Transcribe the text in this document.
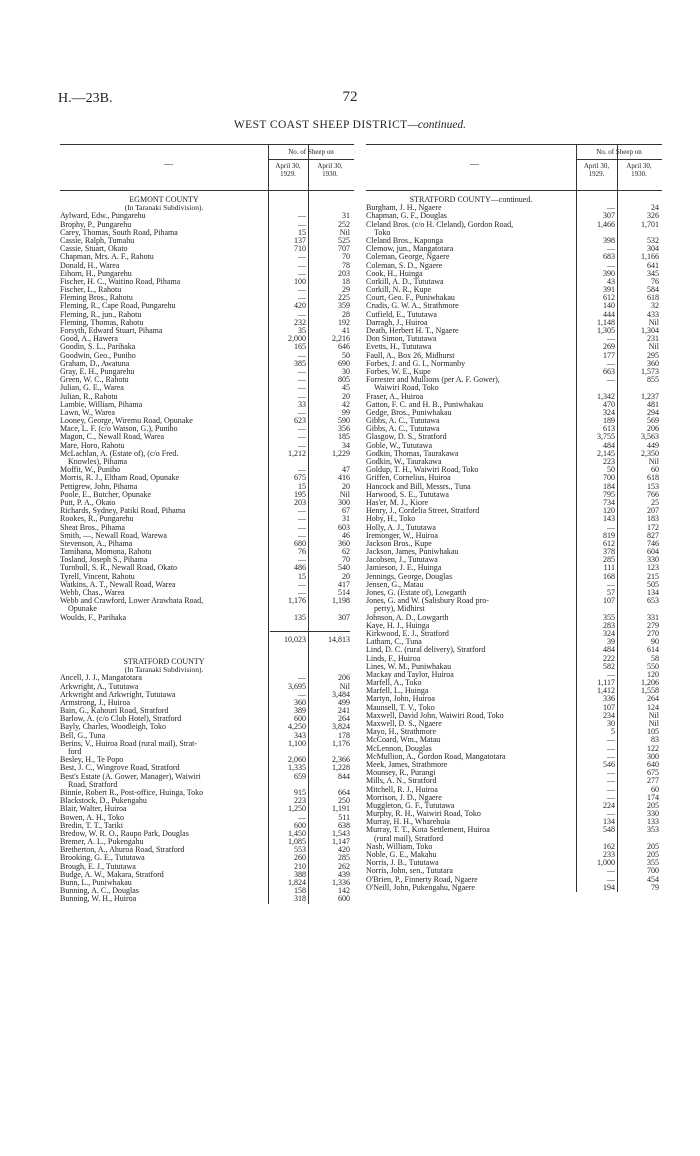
H.—23B.	72
WEST COAST SHEEP DISTRICT—continued.
—
No. of Sheep on
April 30, 1929.
April 30, 1930.
EGMONT COUNTY
(In Taranaki Subdivision).
Aylward, Edw., Pungarehu	—	31
Brophy, P., Pungarehu	—	252
Carey, Thomas, South Road, Pihama	15	Nil
Cassie, Ralph, Tumahu	137	525
Cassie, Stuart, Okato	710	707
Chapman, Mrs. A. F., Rahotu	—	70
Donald, H., Warea	—	78
Eihorn, H., Pungarehu	—	203
Fischer, H. C., Waitino Road, Pihama	100	18
Fischer, L., Rahotu	—	29
Fleming Bros., Rahotu	—	225
Fleming, R., Cape Road, Pungarehu	420	359
Fleming, R., jun., Rahotu	—	28
Fleming, Thomas, Rahotu	232	192
Forsyth, Edward Stuart, Pihama	35	41
Good, A., Hawera	2,000	2,216
Goodin, S. L., Parihaka	165	646
Goodwin, Geo., Puniho	—	50
Graham, D., Awatuna	385	690
Gray, E. H., Pungarehu	—	30
Green, W. C., Rahotu	—	805
Julian, G. E., Warea	—	45
Julian, R., Rahotu	—	20
Lambie, William, Pihama	33	42
Lawn, W., Warea	—	99
Looney, George, Wiremu Road, Opunake	623	590
Mace, L. F. (c/o Watson, G.), Puniho	—	356
Magon, C., Newall Road, Warea	—	185
Mare, Horo, Rahotu	—	34
McLachlan, A. (Estate of), (c/o Fred.	1,212	1,229
Knowles), Pihama
Moffit, W., Puniho	—	47
Morris, R. J., Eltham Road, Opunake	675	416
Pettigrew, John, Pihama	15	20
Poole, E., Butcher, Opunake	195	Nil
Putt, P. A., Okato	203	300
Richards, Sydney, Patiki Road, Pihama	—	67
Rookes, R., Pungarehu	—	31
Sheat Bros., Pihama	—	603
Smith, —, Newall Road, Warewa	—	46
Stevenson, A., Pihama	680	360
Tamihana, Momona, Rahotu	76	62
Tosland, Joseph S., Pihama	—	70
Turnbull, S. R., Newall Road, Okato	486	540
Tyrell, Vincent, Rahotu	15	20
Watkins, A. T., Newall Road, Warea	—	417
Webb, Chas., Warea	—	514
Webb and Crawford, Lower Arawhata Road,	1,176	1,198
Opunake
Woulds, F., Parihaka	135	307
10,023	14,813
STRATFORD COUNTY
(In Taranaki Subdivision).
Ancell, J. J., Mangatotara	—	206
Arkwright, A., Tututawa	3,695	Nil
Arkwright and Arkwright, Tututawa	—	3,484
Armstrong, J., Huiroa	360	499
Bain, G., Kahouri Road, Stratford	389	241
Barlow, A. (c/o Club Hotel), Stratford	600	264
Bayly, Charles, Woodleigh, Toko	4,250	3,824
Bell, G., Tuna	343	178
Berins, V., Huiroa Road (rural mail), Strat-	1,100	1,176
ford
Besley, H., Te Popo	2,060	2,366
Best, J. C., Wingrove Road, Stratford	1,335	1,228
Best's Estate (A. Gower, Manager), Waiwiri	659	844
Road, Stratford
Binnie, Robert R., Post-office, Huinga, Toko	915	664
Blackstock, D., Pukengahu	223	250
Blair, Walter, Huiroa	1,250	1,191
Bowen, A. H., Toko	—	511
Bredin, T. T., Tariki	600	638
Bredow, W. R. O., Raupo Park, Douglas	1,450	1,543
Bremer, A. L., Pukengahu	1,085	1,147
Bretherton, A., Ahuroa Road, Stratford	553	420
Brooking, G. E., Tututawa	260	285
Brough, E. J., Tututawa	210	262
Budge, A. W., Makara, Stratford	388	439
Bunn, L., Puniwhakau	1,824	1,336
Bunning, A. C., Douglas	158	142
Bunning, W. H., Huiroa	318	600
—
No. of Sheep on
April 30, 1929.
April 30, 1930.
STRATFORD COUNTY—continued.
Burgham, J. H., Ngaere	—	24
Chapman, G. F., Douglas	307	326
Cleland Bros. (c/o H. Cleland), Gordon Road,	1,466	1,701
Toko
Cleland Bros., Kaponga	398	532
Clemow, jun., Mangatotara	—	304
Coleman, George, Ngaere	683	1,166
Coleman, S. D., Ngaere	—	641
Cook, H., Huinga	390	345
Corkill, A. D., Tututawa	43	76
Corkill, N. R., Kupe	391	584
Court, Geo. F., Puniwhakau	612	618
Crudis, G. W. A., Strathmore	140	32
Cutfield, E., Tututawa	444	433
Darragh, J., Huiroa	1,148	Nil
Death, Herbert H. T., Ngaere	1,305	1,304
Don Simon, Tututawa	—	231
Evetts, H., Tututawa	269	Nil
Faull, A., Box 26, Midhurst	177	295
Forbes, J. and G. I., Normanby	—	360
Forbes, W. E., Kupe	663	1,573
Forrester and Mullions (per A. F. Gower),	—	855
Waiwiri Road, Toko
Fraser, A., Huiroa	1,342	1,237
Gatton, F. C. and H. B., Puniwhakau	470	481
Gedge, Bros., Puniwhakau	324	294
Gibbs, A. C., Tututawa	189	569
Gibbs, A. C., Tututawa	613	206
Glasgow, D. S., Stratford	3,755	3,563
Goble, W., Tututawa	484	449
Godkin, Thomas, Taurakawa	2,145	2,350
Godkin, W., Taurakawa	223	Nil
Goldup, T. H., Waiwiri Road, Toko	50	60
Griffen, Cornelius, Huiroa	700	618
Hancock and Bill, Messrs., Tuna	184	153
Harwood, S. E., Tututawa	795	766
Has'er, M. J., Kiore	734	25
Henry, J., Cordelia Street, Stratford	120	207
Hoby, H., Toko	143	183
Holly, A. J., Tututawa	—	172
Iremonger, W., Huiroa	819	827
Jackson Bros., Kupe	612	746
Jackson, James, Puniwhakau	378	604
Jacobsen, J., Tututawa	285	330
Jamieson, J. E., Huinga	111	123
Jennings, George, Douglas	168	215
Jensen, G., Matau	—	505
Jones, G. (Estate of), Lowgarth	57	134
Jones, G. and W. (Salisbury Road pro-	107	653
perty), Midhirst
Johnson, A. D., Lowgarth	355	331
Kaye, H. J., Huinga	283	279
Kirkwood, E. J., Stratford	324	270
Latham, C., Tuna	39	90
Lind, D. C. (rural delivery), Stratford	484	614
Linds, F., Huiroa	222	58
Lines, W. M., Puniwhakau	582	550
Mackay and Taylor, Huiroa	—	120
Marfell, A., Toko	1,117	1,206
Marfell, L., Huinga	1,412	1,558
Martyn, John, Huiroa	336	264
Maunsell, T. V., Toko	107	124
Maxwell, David John, Waiwiri Road, Toko	234	Nil
Maxwell, D. S., Ngaere	30	Nil
Mayo, H., Strathmore	5	105
McCoard, Wm., Matau	—	83
McLennon, Douglas	—	122
McMullion, A., Gordon Road, Mangatotara	—	300
Meek, James, Strathmore	546	640
Mounsey, R., Purangi	—	675
Mills, A. N., Stratford	—	277
Mitchell, R. J., Huiroa	—	60
Morrison, J. D., Ngaere	—	174
Muggleton, G. F., Tututawa	224	205
Murphy, R. H., Waiwiri Road, Toko	—	330
Murray, H. H., Wharehuia	134	133
Murray, T. T., Kota Settlement, Huiroa	548	353
(rural mail), Stratford
Nash, William, Toko	162	205
Noble, G. E., Makahu	233	205
Norris, J. B., Tututawa	1,000	355
Norris, John, sen., Tututara	—	700
O'Brien, P., Finnerty Road, Ngaere	—	454
O'Neill, John, Pukengahu, Ngaere	194	79
